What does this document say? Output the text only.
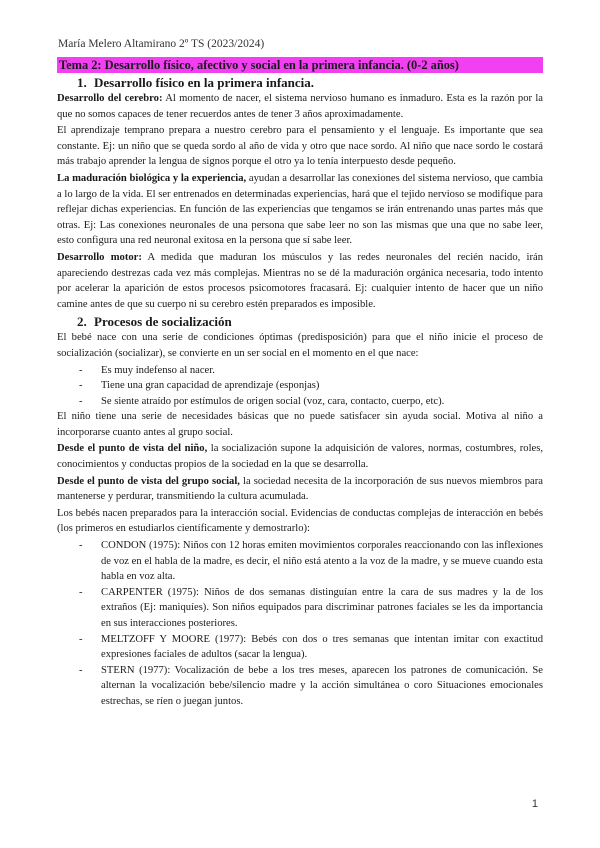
María Melero Altamirano 2º TS (2023/2024)
Tema 2: Desarrollo físico, afectivo y social en la primera infancia. (0-2 años)
1. Desarrollo físico en la primera infancia.

Desarrollo del cerebro: Al momento de nacer, el sistema nervioso humano es inmaduro. Esta es la razón por la que no somos capaces de tener recuerdos antes de tener 3 años aproximadamente.

El aprendizaje temprano prepara a nuestro cerebro para el pensamiento y el lenguaje. Es importante que sea constante. Ej: un niño que se queda sordo al año de vida y otro que nace sordo. Al niño que nace sordo le costará más trabajo aprender la lengua de signos porque el otro ya lo tenía interpuesto desde pequeño.

La maduración biológica y la experiencia, ayudan a desarrollar las conexiones del sistema nervioso, que cambia a lo largo de la vida. El ser entrenados en determinadas experiencias, hará que el tejido nervioso se modifique para reflejar dichas experiencias. En función de las experiencias que tengamos se irán entrenando unas partes más que otras. Ej: Las conexiones neuronales de una persona que sabe leer no son las mismas que una que no sabe leer, esto configura una red neuronal exitosa en la persona que sí sabe leer.

Desarrollo motor: A medida que maduran los músculos y las redes neuronales del recién nacido, irán apareciendo destrezas cada vez más complejas. Mientras no se dé la maduración orgánica necesaria, todo intento por acelerar la aparición de estos procesos psicomotores fracasará. Ej: cualquier intento de hacer que un niño camine antes de que su cuerpo ni su cerebro estén preparados es imposible.

2. Procesos de socialización

El bebé nace con una serie de condiciones óptimas (predisposición) para que el niño inicie el proceso de socialización (socializar), se convierte en un ser social en el momento en el que nace:

- Es muy indefenso al nacer.
- Tiene una gran capacidad de aprendizaje (esponjas)
- Se siente atraído por estímulos de origen social (voz, cara, contacto, cuerpo, etc).

El niño tiene una serie de necesidades básicas que no puede satisfacer sin ayuda social. Motiva al niño a incorporarse cuanto antes al grupo social.

Desde el punto de vista del niño, la socialización supone la adquisición de valores, normas, costumbres, roles, conocimientos y conductas propios de la sociedad en la que se desarrolla.

Desde el punto de vista del grupo social, la sociedad necesita de la incorporación de sus nuevos miembros para mantenerse y perdurar, transmitiendo la cultura acumulada.

Los bebés nacen preparados para la interacción social. Evidencias de conductas complejas de interacción en bebés (los primeros en estudiarlos científicamente y demostrarlo):

- CONDON (1975): Niños con 12 horas emiten movimientos corporales reaccionando con las inflexiones de voz en el habla de la madre, es decir, el niño está atento a la voz de la madre, y se mueve cuando esta habla en voz alta.
- CARPENTER (1975): Niños de dos semanas distinguían entre la cara de sus madres y la de los extraños (Ej: maniquíes). Son niños equipados para discriminar patrones faciales se les da importancia en sus interacciones posteriores.
- MELTZOFF Y MOORE (1977): Bebés con dos o tres semanas que intentan imitar con exactitud expresiones faciales de adultos (sacar la lengua).
- STERN (1977): Vocalización de bebe a los tres meses, aparecen los patrones de comunicación. Se alternan la vocalización bebe/silencio madre y la acción simultánea o coro Situaciones emocionales estrechas, se ríen o juegan juntos.
1
